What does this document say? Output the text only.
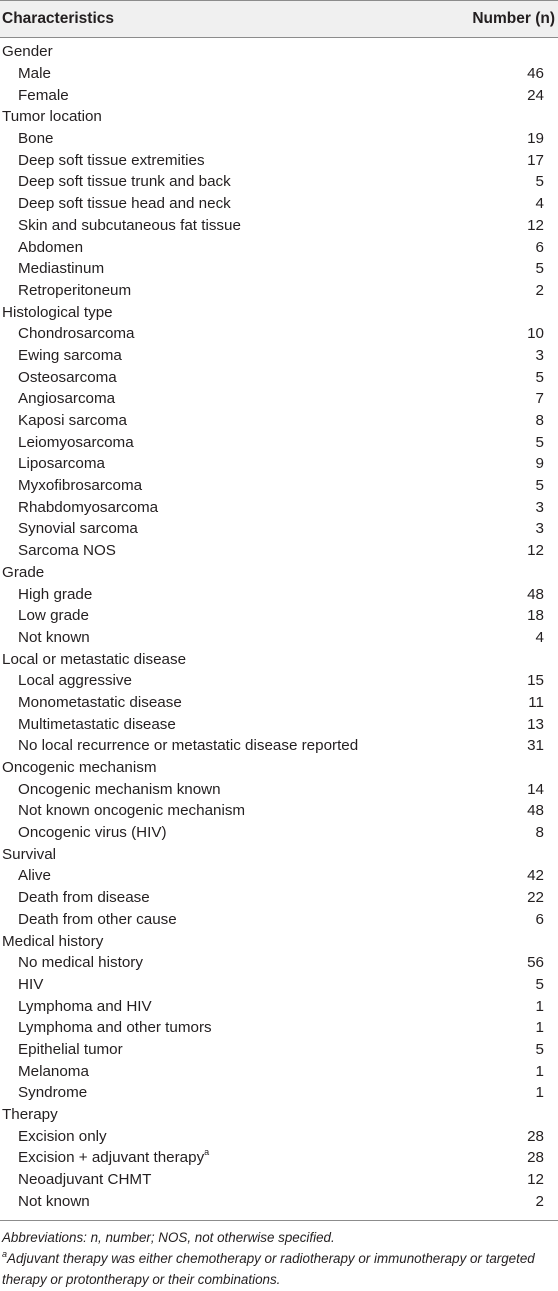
Characteristics	Number (n)
Gender
Male	46
Female	24
Tumor location
Bone	19
Deep soft tissue extremities	17
Deep soft tissue trunk and back	5
Deep soft tissue head and neck	4
Skin and subcutaneous fat tissue	12
Abdomen	6
Mediastinum	5
Retroperitoneum	2
Histological type
Chondrosarcoma	10
Ewing sarcoma	3
Osteosarcoma	5
Angiosarcoma	7
Kaposi sarcoma	8
Leiomyosarcoma	5
Liposarcoma	9
Myxofibrosarcoma	5
Rhabdomyosarcoma	3
Synovial sarcoma	3
Sarcoma NOS	12
Grade
High grade	48
Low grade	18
Not known	4
Local or metastatic disease
Local aggressive	15
Monometastatic disease	11
Multimetastatic disease	13
No local recurrence or metastatic disease reported	31
Oncogenic mechanism
Oncogenic mechanism known	14
Not known oncogenic mechanism	48
Oncogenic virus (HIV)	8
Survival
Alive	42
Death from disease	22
Death from other cause	6
Medical history
No medical history	56
HIV	5
Lymphoma and HIV	1
Lymphoma and other tumors	1
Epithelial tumor	5
Melanoma	1
Syndrome	1
Therapy
Excision only	28
Excision + adjuvant therapy$^a$	28
Neoadjuvant CHMT	12
Not known	2
Abbreviations: n, number; NOS, not otherwise specified.
$^a$Adjuvant therapy was either chemotherapy or radiotherapy or immunotherapy or targeted therapy or protontherapy or their combinations.
